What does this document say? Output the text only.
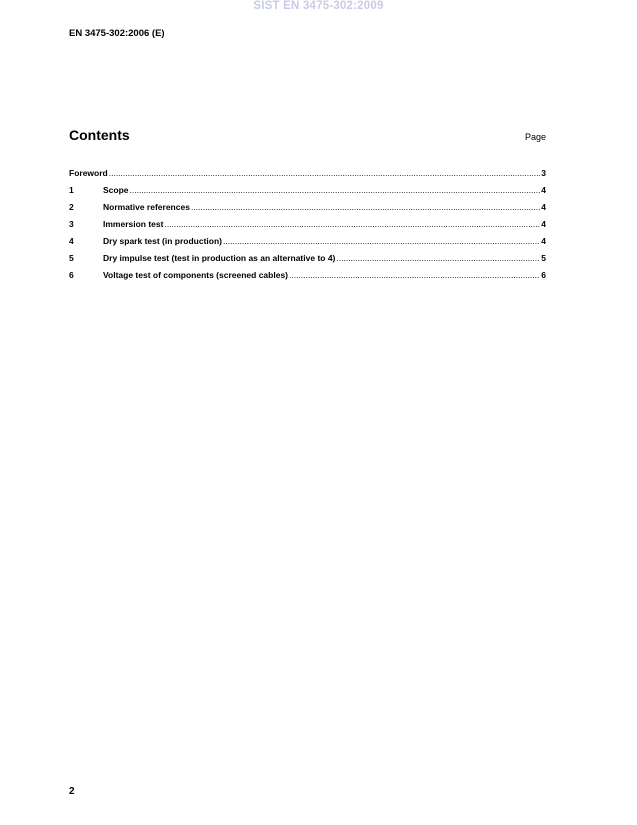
SIST EN 3475-302:2009
EN 3475-302:2006 (E)
Contents	Page
Foreword .....	3
1	Scope .....	4
2	Normative references .....	4
3	Immersion test .....	4
4	Dry spark test (in production) .....	4
5	Dry impulse test (test in production as an alternative to 4) .....	5
6	Voltage test of components (screened cables) .....	6
2
